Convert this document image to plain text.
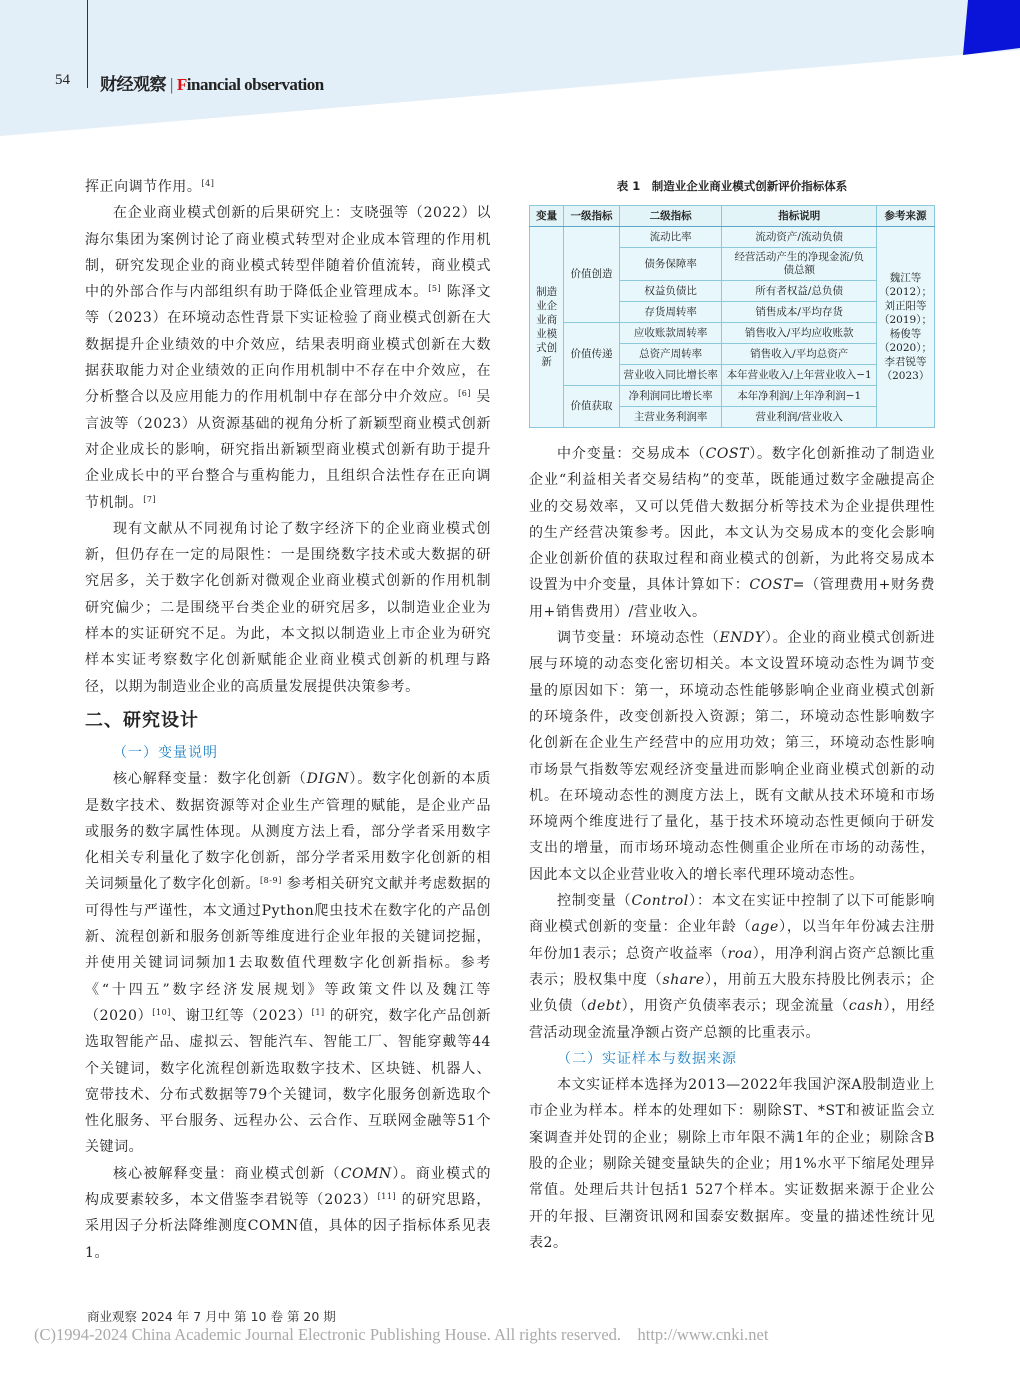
54 财经观察 | Financial observation

挥正向调节作用。[4]

在企业商业模式创新的后果研究上：支晓强等（2022）以海尔集团为案例讨论了商业模式转型对企业成本管理的作用机制，研究发现企业的商业模式转型伴随着价值流转，商业模式中的外部合作与内部组织有助于降低企业管理成本。[5] 陈泽文等（2023）在环境动态性背景下实证检验了商业模式创新在大数据提升企业绩效的中介效应，结果表明商业模式创新在大数据获取能力对企业绩效的正向作用机制中不存在中介效应，在分析整合以及应用能力的作用机制中存在部分中介效应。[6] 吴言波等（2023）从资源基础的视角分析了新颖型商业模式创新对企业成长的影响，研究指出新颖型商业模式创新有助于提升企业成长中的平台整合与重构能力，且组织合法性存在正向调节机制。[7]

现有文献从不同视角讨论了数字经济下的企业商业模式创新，但仍存在一定的局限性：一是围绕数字技术或大数据的研究居多，关于数字化创新对微观企业商业模式创新的作用机制研究偏少；二是围绕平台类企业的研究居多，以制造业企业为样本的实证研究不足。为此，本文拟以制造业上市企业为研究样本实证考察数字化创新赋能企业商业模式创新的机理与路径，以期为制造业企业的高质量发展提供决策参考。

二、研究设计

（一）变量说明

核心解释变量：数字化创新（DIGN）。数字化创新的本质是数字技术、数据资源等对企业生产管理的赋能，是企业产品或服务的数字属性体现。从测度方法上看，部分学者采用数字化相关专利量化了数字化创新，部分学者采用数字化创新的相关词频量化了数字化创新。[8-9] 参考相关研究文献并考虑数据的可得性与严谨性，本文通过Python爬虫技术在数字化的产品创新、流程创新和服务创新等维度进行企业年报的关键词挖掘，并使用关键词词频加1去取数值代理数字化创新指标。参考《“十四五”数字经济发展规划》等政策文件以及魏江等（2020）[10]、谢卫红等（2023）[1] 的研究，数字化产品创新选取智能产品、虚拟云、智能汽车、智能工厂、智能穿戴等44个关键词，数字化流程创新选取数字技术、区块链、机器人、宽带技术、分布式数据等79个关键词，数字化服务创新选取个性化服务、平台服务、远程办公、云合作、互联网金融等51个关键词。

核心被解释变量：商业模式创新（COMN）。商业模式的构成要素较多，本文借鉴李君锐等（2023）[11] 的研究思路，采用因子分析法降维测度COMN值，具体的因子指标体系见表1。

表 1　制造业企业商业模式创新评价指标体系
变量	一级指标	二级指标	指标说明	参考来源
制造业企业商业模式创新	价值创造	流动比率	流动资产/流动负债	魏江等（2012）；刘正阳等（2019）；杨俊等（2020）；李君锐等（2023）
		债务保障率	经营活动产生的净现金流/负债总额	
		权益负债比	所有者权益/总负债	
		存货周转率	销售成本/平均存货	
	价值传递	应收账款周转率	销售收入/平均应收账款	
		总资产周转率	销售收入/平均总资产	
		营业收入同比增长率	本年营业收入/上年营业收入−1	
	价值获取	净利润同比增长率	本年净利润/上年净利润−1	
		主营业务利润率	营业利润/营业收入	

中介变量：交易成本（COST）。数字化创新推动了制造业企业“利益相关者交易结构”的变革，既能通过数字金融提高企业的交易效率，又可以凭借大数据分析等技术为企业提供理性的生产经营决策参考。因此，本文认为交易成本的变化会影响企业创新价值的获取过程和商业模式的创新，为此将交易成本设置为中介变量，具体计算如下：COST=（管理费用+财务费用+销售费用）/营业收入。

调节变量：环境动态性（ENDY）。企业的商业模式创新进展与环境的动态变化密切相关。本文设置环境动态性为调节变量的原因如下：第一，环境动态性能够影响企业商业模式创新的环境条件，改变创新投入资源；第二，环境动态性影响数字化创新在企业生产经营中的应用功效；第三，环境动态性影响市场景气指数等宏观经济变量进而影响企业商业模式创新的动机。在环境动态性的测度方法上，既有文献从技术环境和市场环境两个维度进行了量化，基于技术环境动态性更倾向于研发支出的增量，而市场环境动态性侧重企业所在市场的动荡性，因此本文以企业营业收入的增长率代理环境动态性。

控制变量（Control）：本文在实证中控制了以下可能影响商业模式创新的变量：企业年龄（age），以当年年份减去注册年份加1表示；总资产收益率（roa），用净利润占资产总额比重表示；股权集中度（share），用前五大股东持股比例表示；企业负债（debt），用资产负债率表示；现金流量（cash），用经营活动现金流量净额占资产总额的比重表示。

（二）实证样本与数据来源

本文实证样本选择为2013—2022年我国沪深A股制造业上市企业为样本。样本的处理如下：剔除ST、*ST和被证监会立案调查并处罚的企业；剔除上市年限不满1年的企业；剔除含B股的企业；剔除关键变量缺失的企业；用1%水平下缩尾处理异常值。处理后共计包括1 527个样本。实证数据来源于企业公开的年报、巨潮资讯网和国泰安数据库。变量的描述性统计见表2。

商业观察 2024 年 7 月中 第 10 卷 第 20 期
(C)1994-2024 China Academic Journal Electronic Publishing House. All rights reserved.    http://www.cnki.net
